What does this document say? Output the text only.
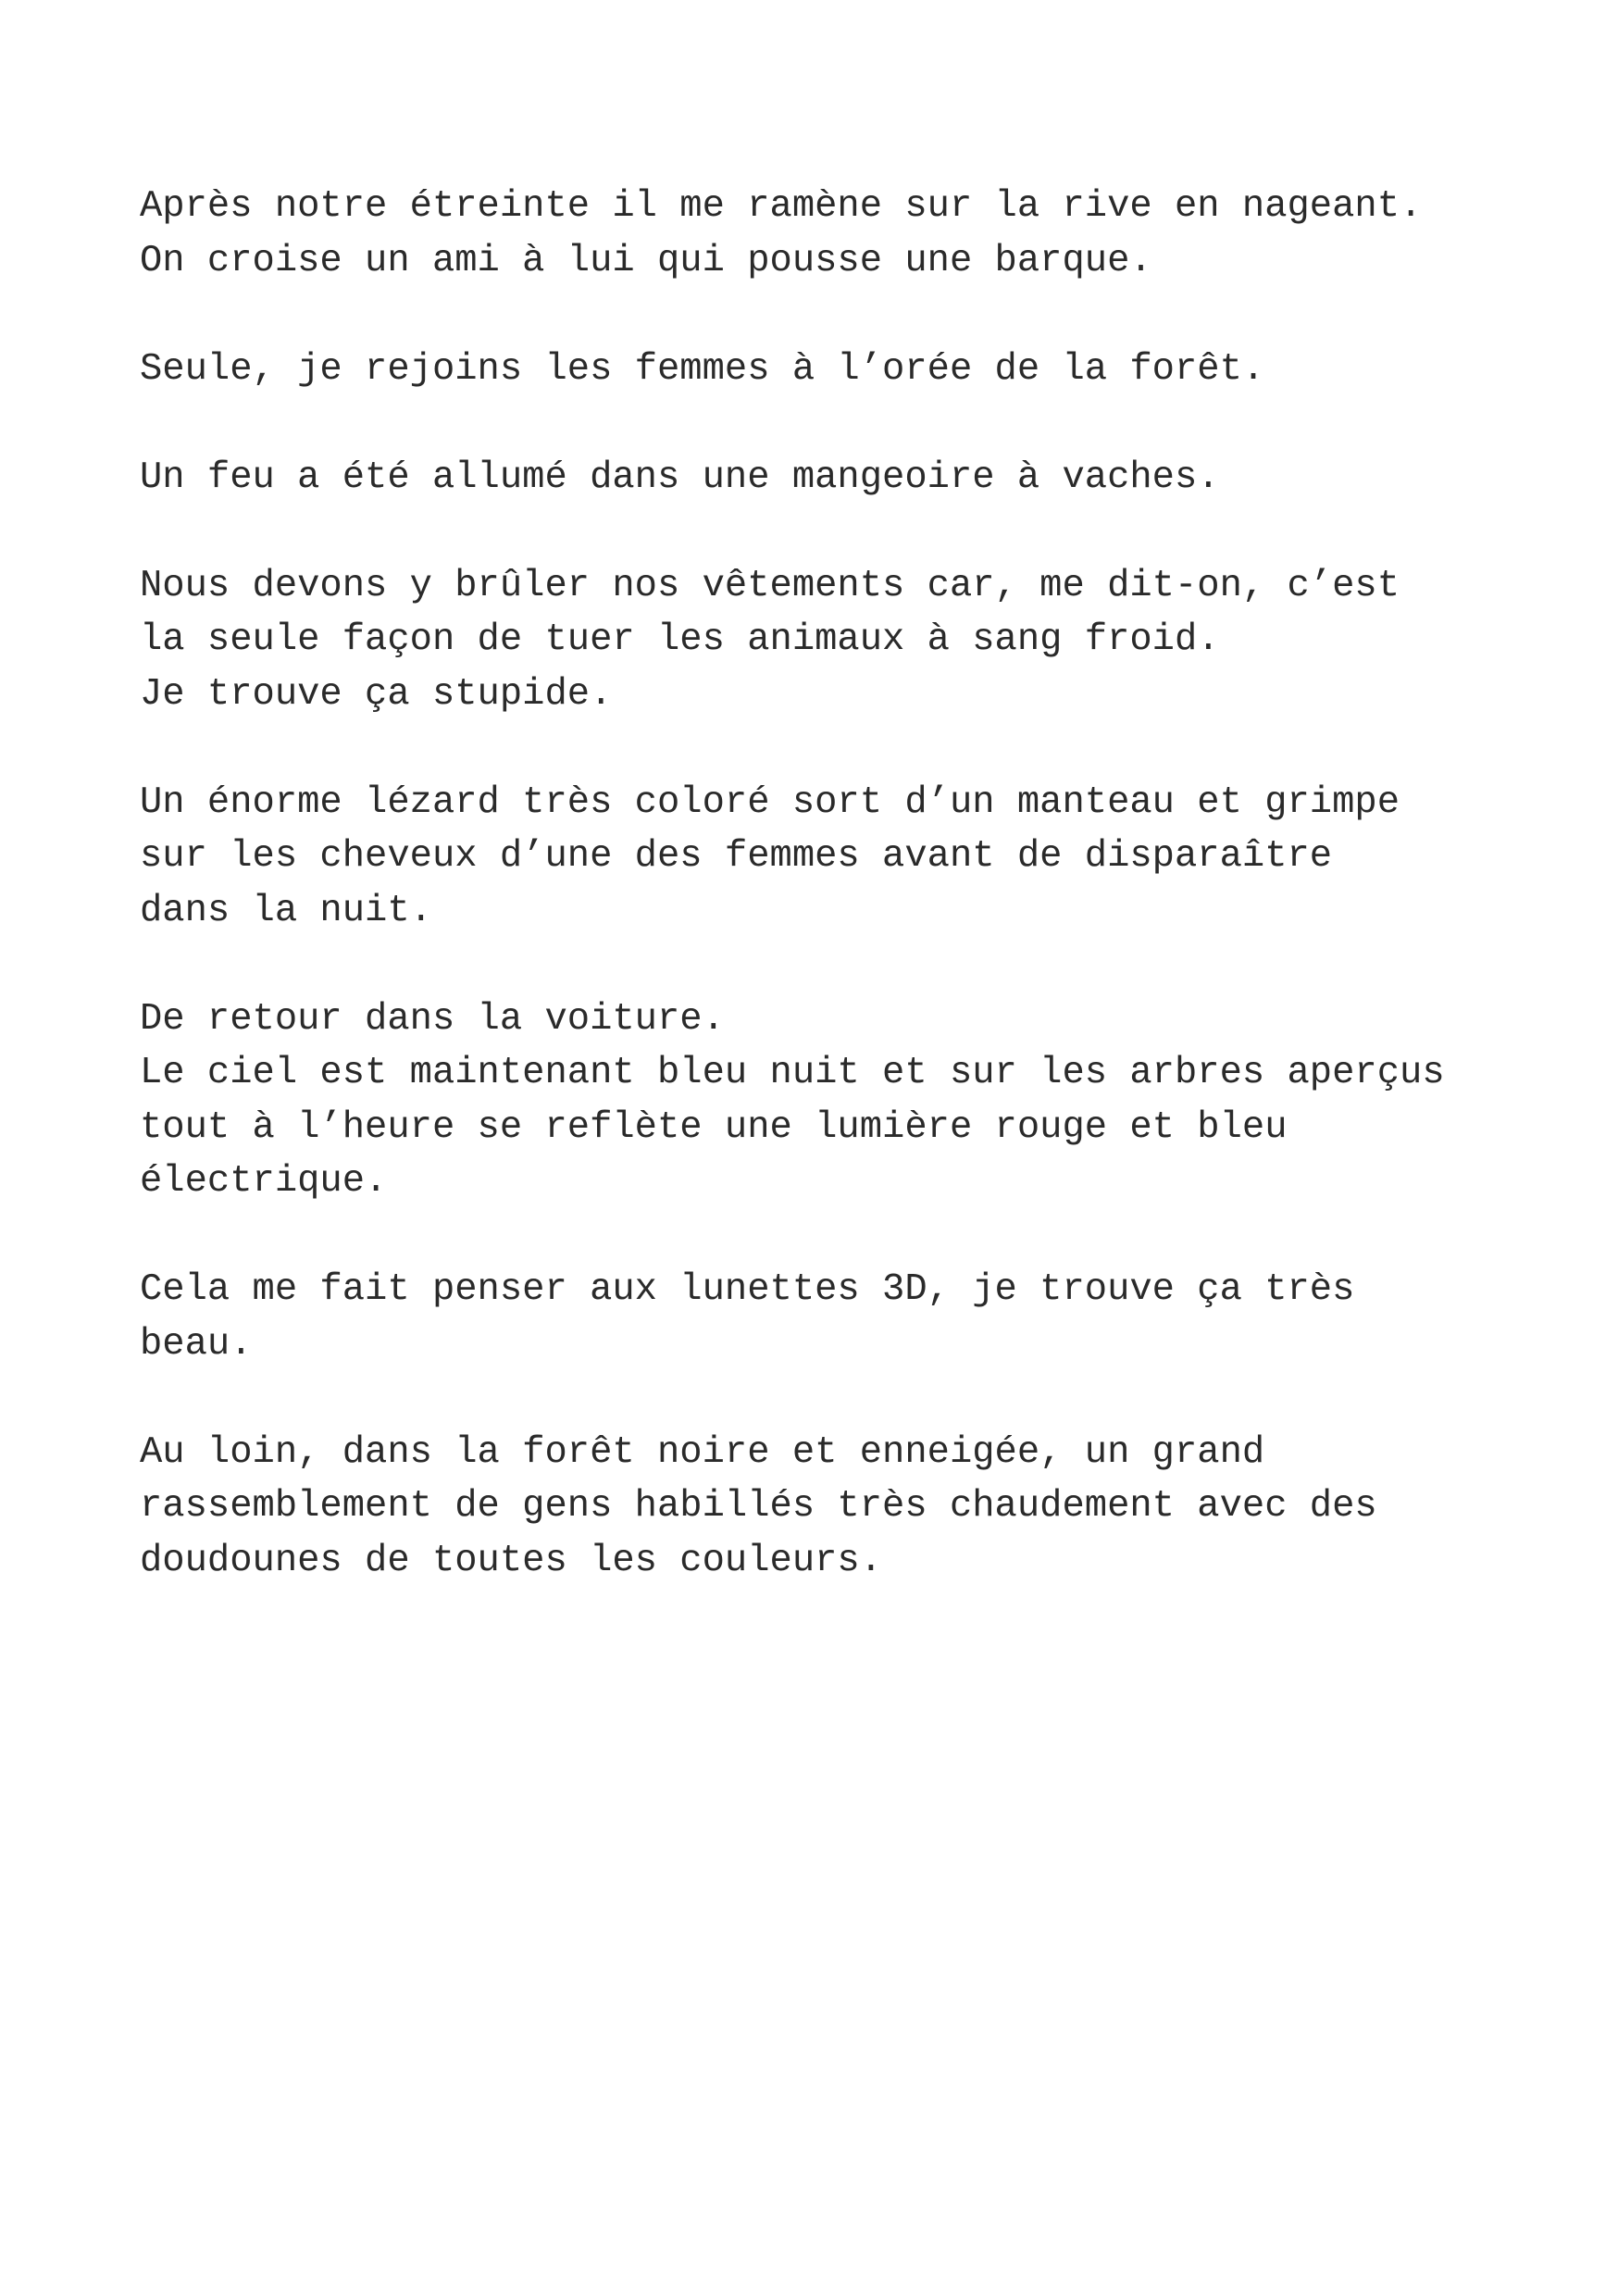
Après notre étreinte il me ramène sur la rive en nageant.
On croise un ami à lui qui pousse une barque.

Seule, je rejoins les femmes à l’orée de la forêt.

Un feu a été allumé dans une mangeoire à vaches.

Nous devons y brûler nos vêtements car, me dit-on, c’est
la seule façon de tuer les animaux à sang froid.
Je trouve ça stupide.

Un énorme lézard très coloré sort d’un manteau et grimpe
sur les cheveux d’une des femmes avant de disparaître
dans la nuit.

De retour dans la voiture.
Le ciel est maintenant bleu nuit et sur les arbres aperçus
tout à l’heure se reflète une lumière rouge et bleu
électrique.

Cela me fait penser aux lunettes 3D, je trouve ça très
beau.

Au loin, dans la forêt noire et enneigée, un grand
rassemblement de gens habillés très chaudement avec des
doudounes de toutes les couleurs.
